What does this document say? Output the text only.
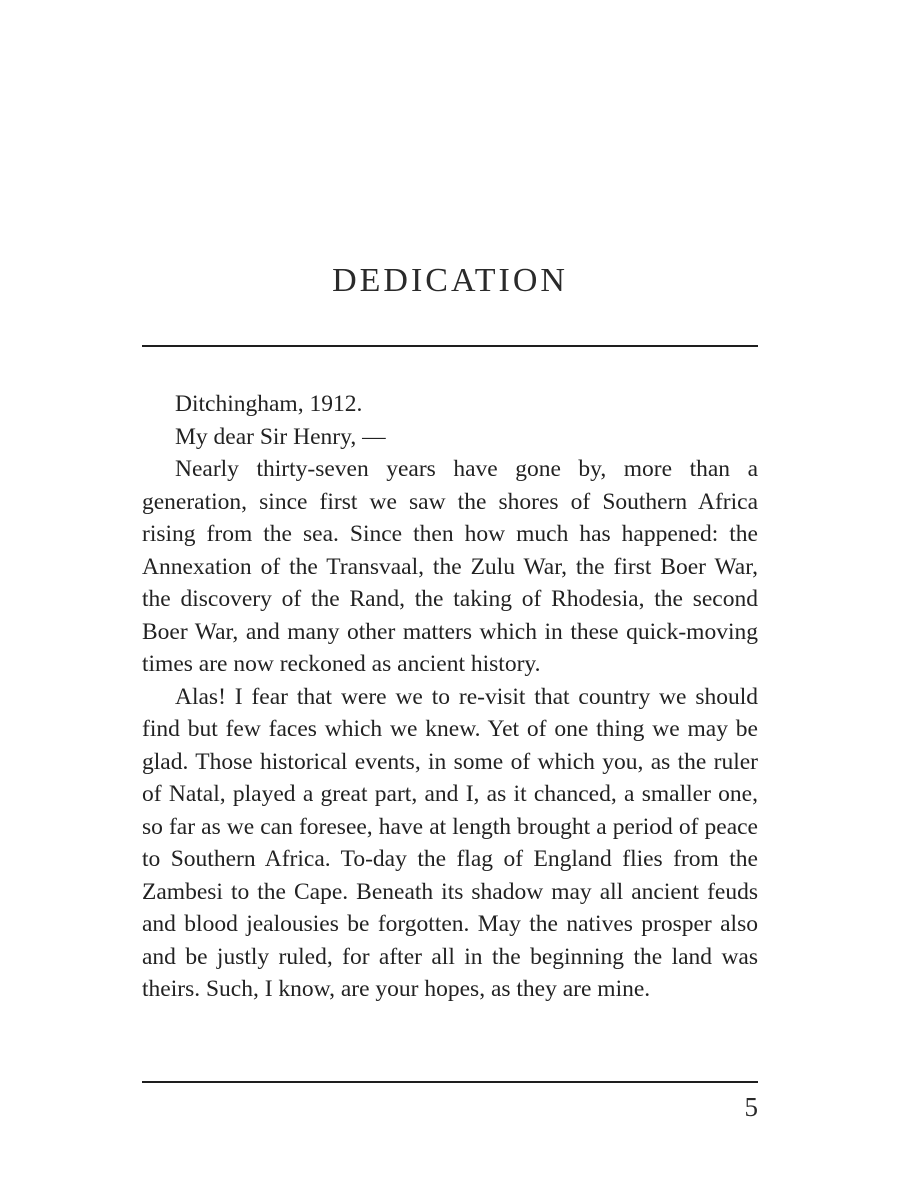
DEDICATION

Ditchingham, 1912.

My dear Sir Henry, —

Nearly thirty-seven years have gone by, more than a generation, since first we saw the shores of Southern Africa rising from the sea. Since then how much has happened: the Annexation of the Transvaal, the Zulu War, the first Boer War, the discovery of the Rand, the taking of Rhodesia, the second Boer War, and many other matters which in these quick-moving times are now reckoned as ancient history.

Alas! I fear that were we to re-visit that country we should find but few faces which we knew. Yet of one thing we may be glad. Those historical events, in some of which you, as the ruler of Natal, played a great part, and I, as it chanced, a smaller one, so far as we can foresee, have at length brought a period of peace to Southern Africa. To-day the flag of England flies from the Zambesi to the Cape. Beneath its shadow may all ancient feuds and blood jealousies be forgotten. May the natives prosper also and be justly ruled, for after all in the beginning the land was theirs. Such, I know, are your hopes, as they are mine.

5
